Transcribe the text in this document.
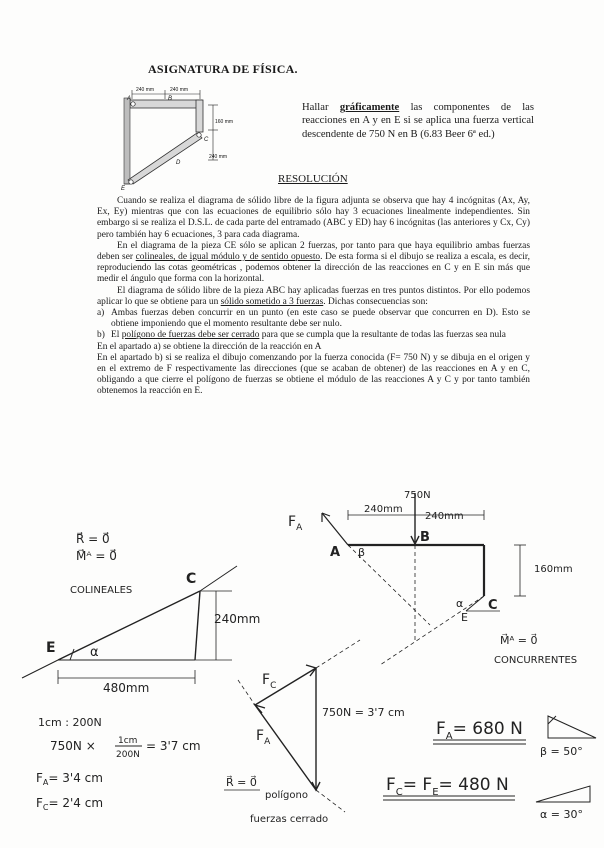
ASIGNATURA DE FÍSICA.
A	B
C
D
E
240 mm	240 mm
160 mm
240 mm
Hallar gráficamente las componentes de las reacciones en A y en E si se aplica una fuerza vertical descendente de 750 N en B (6.83 Beer 6ª ed.)
RESOLUCIÓN

Cuando se realiza el diagrama de sólido libre de la figura adjunta se observa que hay 4 incógnitas (Ax, Ay, Ex, Ey) mientras que con las ecuaciones de equilibrio sólo hay 3 ecuaciones linealmente independientes. Sin embargo si se realiza el D.S.L. de cada parte del entramado (ABC y ED) hay 6 incógnitas (las anteriores y Cx, Cy) pero también hay 6 ecuaciones, 3 para cada diagrama.

En el diagrama de la pieza CE sólo se aplican 2 fuerzas, por tanto para que haya equilibrio ambas fuerzas deben ser colineales, de igual módulo y de sentido opuesto. De esta forma si el dibujo se realiza a escala, es decir, reproduciendo las cotas geométricas , podemos obtener la dirección de las reacciones en C y en E sin más que medir el ángulo que forma con la horizontal.

El diagrama de sólido libre de la pieza ABC hay aplicadas fuerzas en tres puntos distintos. Por ello podemos aplicar lo que se obtiene para un sólido sometido a 3 fuerzas. Dichas consecuencias son:

a) Ambas fuerzas deben concurrir en un punto (en este caso se puede observar que concurren en D). Esto se obtiene imponiendo que el momento resultante debe ser nulo.
b) El polígono de fuerzas debe ser cerrado para que se cumpla que la resultante de todas las fuerzas sea nula

En el apartado a) se obtiene la dirección de la reacción en A

En el apartado b) si se realiza el dibujo comenzando por la fuerza conocida (F= 750 N) y se dibuja en el origen y en el extremo de F respectivamente las direcciones (que se acaban de obtener) de las reacciones en A y en C, obligando a que cierre el polígono de fuerzas se obtiene el módulo de las reacciones A y C y por tanto también obtenemos la reacción en E.

R⃗ = 0⃗
M⃗ᴬ = 0⃗
COLINEALES
C
E	α
240mm
480mm
$F_A$
240mm
240mm
750N
A
B
C
E
β
α
160mm
M⃗ᴬ = 0⃗
CONCURRENTES
$F_C$
$F_A$
750N = 3'7 cm
1cm : 200N
750N × 1cm
200N
= 3'7 cm
$F_A= 3'4$ cm
$F_C= 2'4$ cm
R⃗ = 0⃗
polígono
fuerzas cerrado
$F_A= 680$ N
$F_C= F_E= 480$ N
β = 50°
α = 30°
